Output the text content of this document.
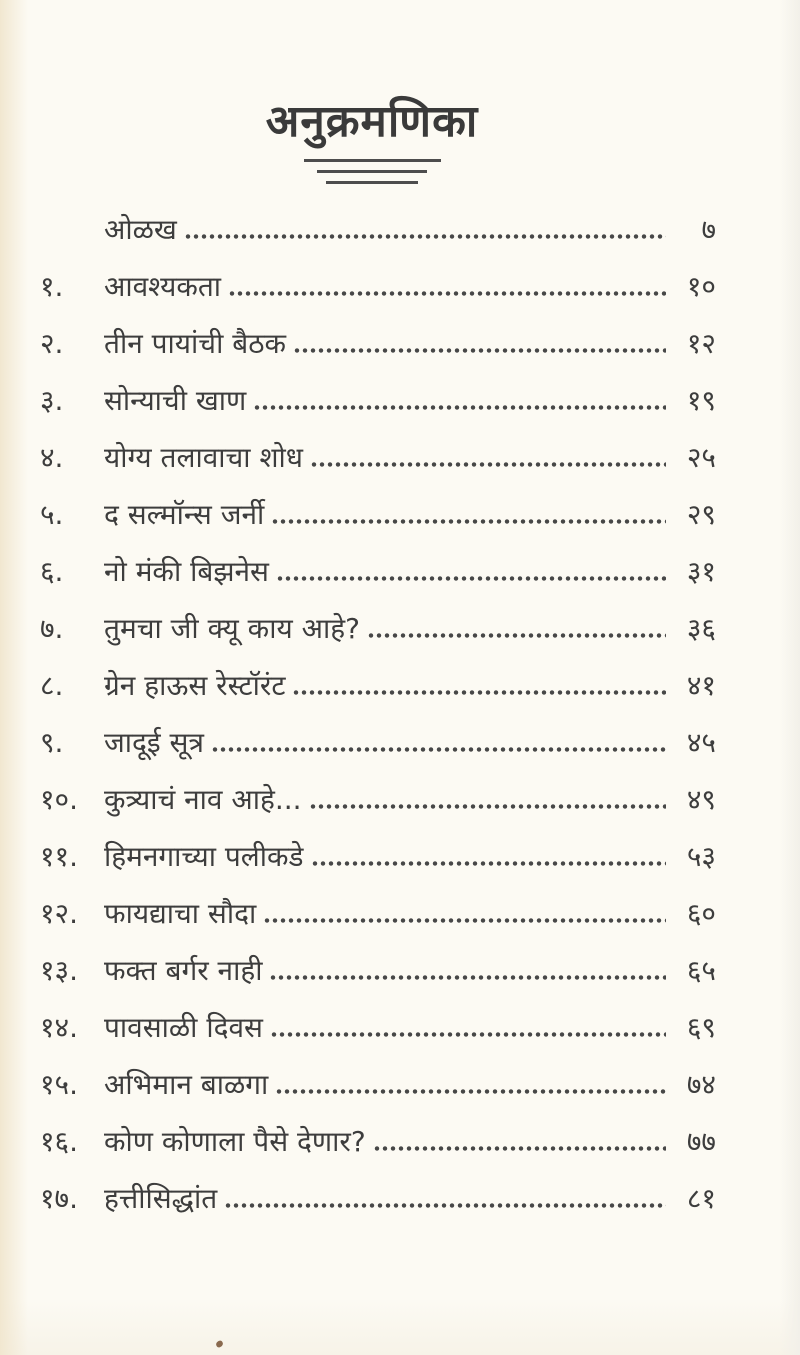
अनुक्रमणिका
ओळख	७
१.	आवश्यकता	१०
२.	तीन पायांची बैठक	१२
३.	सोन्याची खाण	१९
४.	योग्य तलावाचा शोध	२५
५.	द सल्मॉन्स जर्नी	२९
६.	नो मंकी बिझनेस	३१
७.	तुमचा जी क्यू काय आहे?	३६
८.	ग्रेन हाऊस रेस्टॉरंट	४१
९.	जादूई सूत्र	४५
१०. कुत्र्याचं नाव आहे...	४९
११. हिमनगाच्या पलीकडे	५३
१२. फायद्याचा सौदा	६०
१३. फक्त बर्गर नाही	६५
१४. पावसाळी दिवस	६९
१५. अभिमान बाळगा	७४
१६. कोण कोणाला पैसे देणार?	७७
१७. हत्तीसिद्धांत	८१
